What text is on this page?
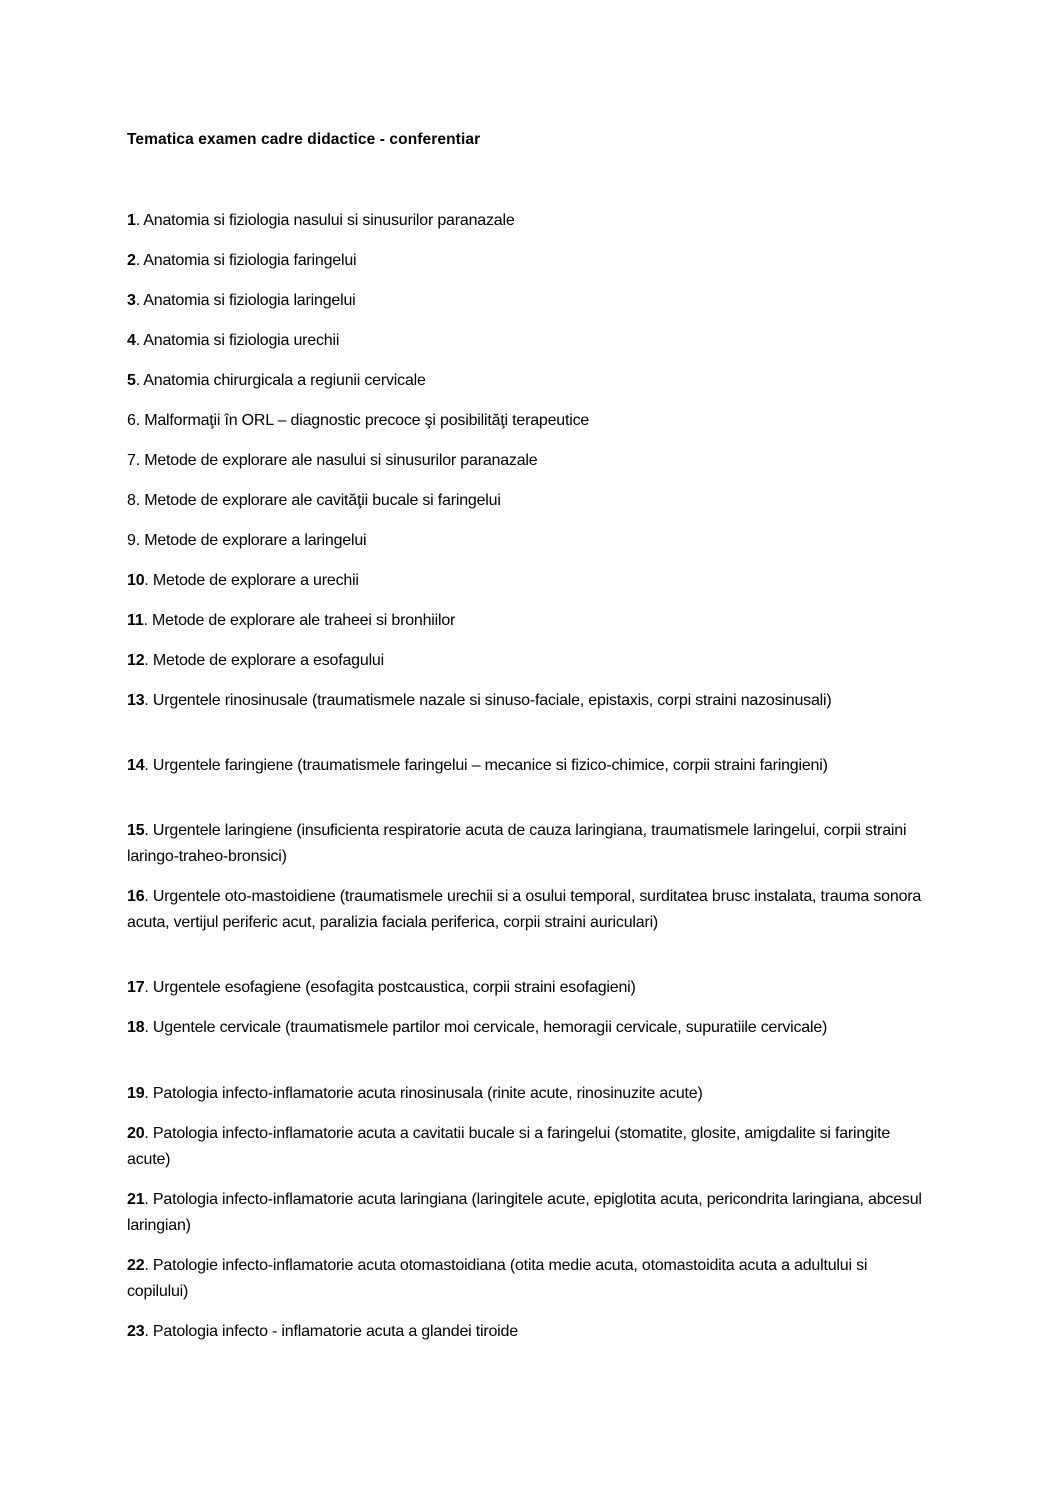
Tematica examen cadre didactice - conferentiar
1. Anatomia si fiziologia nasului si sinusurilor paranazale
2. Anatomia si fiziologia faringelui
3. Anatomia si fiziologia laringelui
4. Anatomia si fiziologia urechii
5. Anatomia chirurgicala a regiunii cervicale
6. Malformaţii în ORL – diagnostic precoce şi posibilităţi terapeutice
7. Metode de explorare ale nasului si sinusurilor paranazale
8. Metode de explorare ale cavităţii bucale si faringelui
9. Metode de explorare a laringelui
10. Metode de explorare a urechii
11. Metode de explorare ale traheei si bronhiilor
12. Metode de explorare a esofagului
13. Urgentele rinosinusale (traumatismele nazale si sinuso-faciale, epistaxis, corpi straini nazosinusali)
14. Urgentele faringiene (traumatismele faringelui – mecanice si fizico-chimice, corpii straini faringieni)
15. Urgentele laringiene (insuficienta respiratorie acuta de cauza laringiana, traumatismele laringelui, corpii straini laringo-traheo-bronsici)
16. Urgentele oto-mastoidiene (traumatismele urechii si a osului temporal, surditatea brusc instalata, trauma sonora acuta, vertijul periferic acut, paralizia faciala periferica, corpii straini auriculari)
17. Urgentele esofagiene (esofagita postcaustica, corpii straini esofagieni)
18. Ugentele cervicale (traumatismele partilor moi cervicale, hemoragii cervicale, supuratiile cervicale)
19. Patologia infecto-inflamatorie acuta rinosinusala (rinite acute, rinosinuzite acute)
20. Patologia infecto-inflamatorie acuta a cavitatii bucale si a faringelui (stomatite, glosite, amigdalite si faringite acute)
21. Patologia infecto-inflamatorie acuta laringiana (laringitele acute, epiglotita acuta, pericondrita laringiana, abcesul laringian)
22. Patologie infecto-inflamatorie acuta otomastoidiana (otita medie acuta, otomastoidita acuta a adultului si copilului)
23. Patologia infecto - inflamatorie acuta a glandei tiroide
